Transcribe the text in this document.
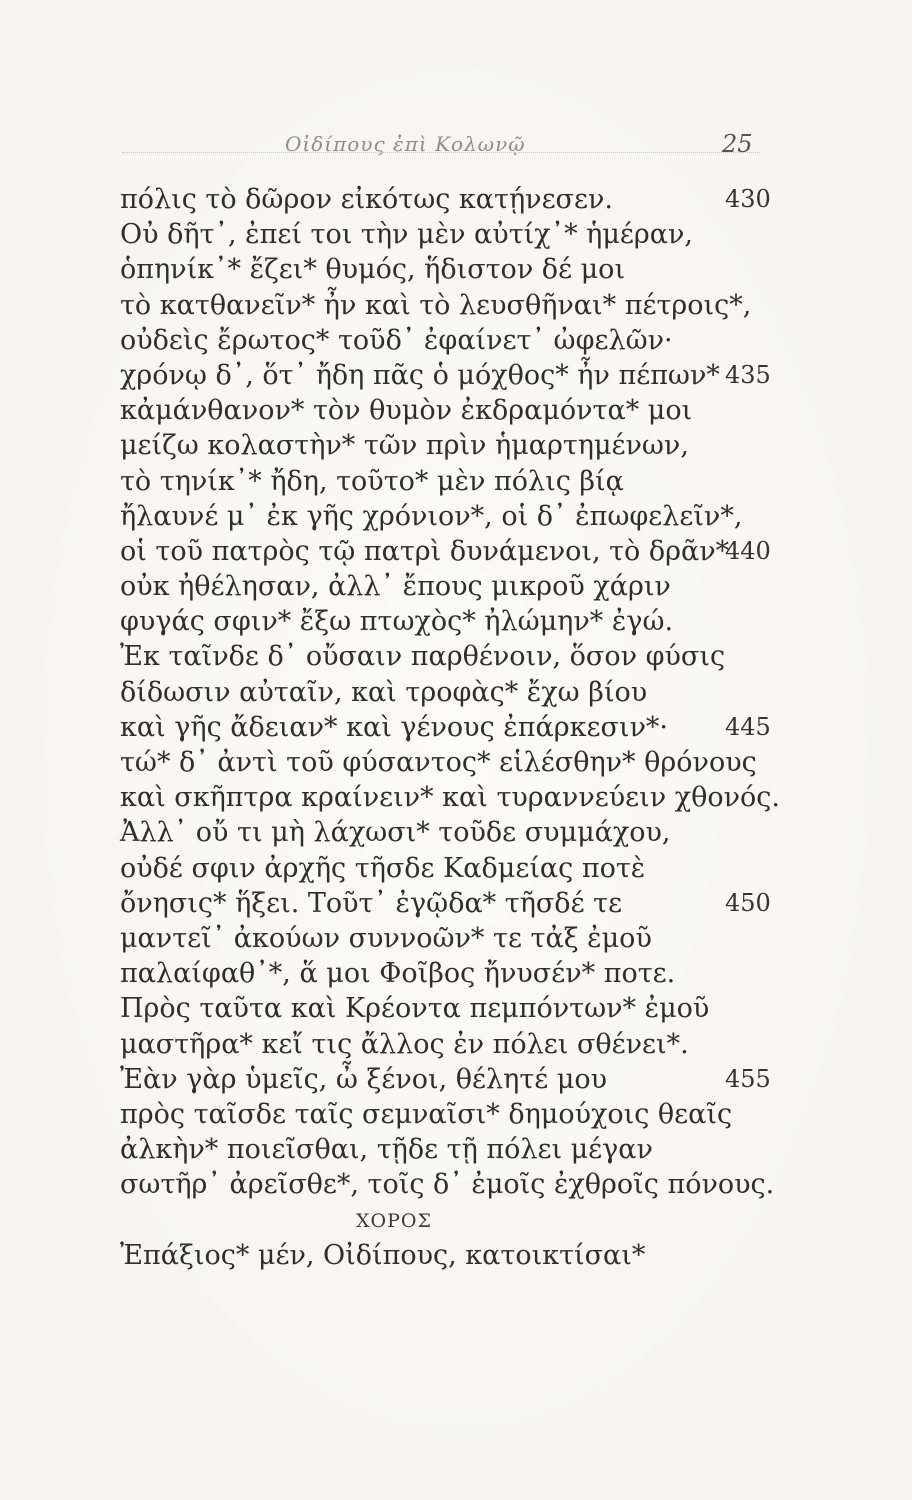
Οἰδίπους ἐπὶ Κολωνῷ	25
πόλις τὸ δῶρον εἰκότως κατῄνεσεν.	430
Οὐ δῆτ᾽, ἐπεί τοι τὴν μὲν αὐτίχ᾽* ἡμέραν,
ὁπηνίκ᾽* ἔζει* θυμός, ἥδιστον δέ μοι
τὸ κατθανεῖν* ἦν καὶ τὸ λευσθῆναι* πέτροις*,
οὐδεὶς ἔρωτος* τοῦδ᾽ ἐφαίνετ᾽ ὠφελῶν·
χρόνῳ δ᾽, ὅτ᾽ ἤδη πᾶς ὁ μόχθος* ἦν πέπων* 435
κἀμάνθανον* τὸν θυμὸν ἐκδραμόντα* μοι
μείζω κολαστὴν* τῶν πρὶν ἡμαρτημένων,
τὸ τηνίκ᾽* ἤδη, τοῦτο* μὲν πόλις βίᾳ
ἤλαυνέ μ᾽ ἐκ γῆς χρόνιον*, οἱ δ᾽ ἐπωφελεῖν*,
οἱ τοῦ πατρὸς τῷ πατρὶ δυνάμενοι, τὸ δρᾶν*
440
οὐκ ἠθέλησαν, ἀλλ᾽ ἔπους μικροῦ χάριν
φυγάς σφιν* ἔξω πτωχὸς* ἠλώμην* ἐγώ.
Ἐκ ταῖνδε δ᾽ οὔσαιν παρθένοιν, ὅσον φύσις
δίδωσιν αὐταῖν, καὶ τροφὰς* ἔχω βίου
καὶ γῆς ἄδειαν* καὶ γένους ἐπάρκεσιν*· 445
τώ* δ᾽ ἀντὶ τοῦ φύσαντος* εἱλέσθην* θρόνους
καὶ σκῆπτρα κραίνειν* καὶ τυραννεύειν χθονός.
Ἀλλ᾽ οὔ τι μὴ λάχωσι* τοῦδε συμμάχου,
οὐδέ σφιν ἀρχῆς τῆσδε Καδμείας ποτὲ
ὄνησις* ἥξει. Τοῦτ᾽ ἐγῷδα* τῆσδέ τε	450
μαντεῖ᾽ ἀκούων συννοῶν* τε τἀξ ἐμοῦ
παλαίφαθ᾽*, ἅ μοι Φοῖβος ἤνυσέν* ποτε.
Πρὸς ταῦτα καὶ Κρέοντα πεμπόντων* ἐμοῦ
μαστῆρα* κεἴ τις ἄλλος ἐν πόλει σθένει*.
Ἐὰν γὰρ ὑμεῖς, ὦ ξένοι, θέλητέ μου	455
πρὸς ταῖσδε ταῖς σεμναῖσι* δημούχοις θεαῖς
ἀλκὴν* ποιεῖσθαι, τῇδε τῇ πόλει μέγαν
σωτῆρ᾽ ἀρεῖσθε*, τοῖς δ᾽ ἐμοῖς ἐχθροῖς πόνους.
ΧΟΡΟΣ
Ἐπάξιος* μέν, Οἰδίπους, κατοικτίσαι*
